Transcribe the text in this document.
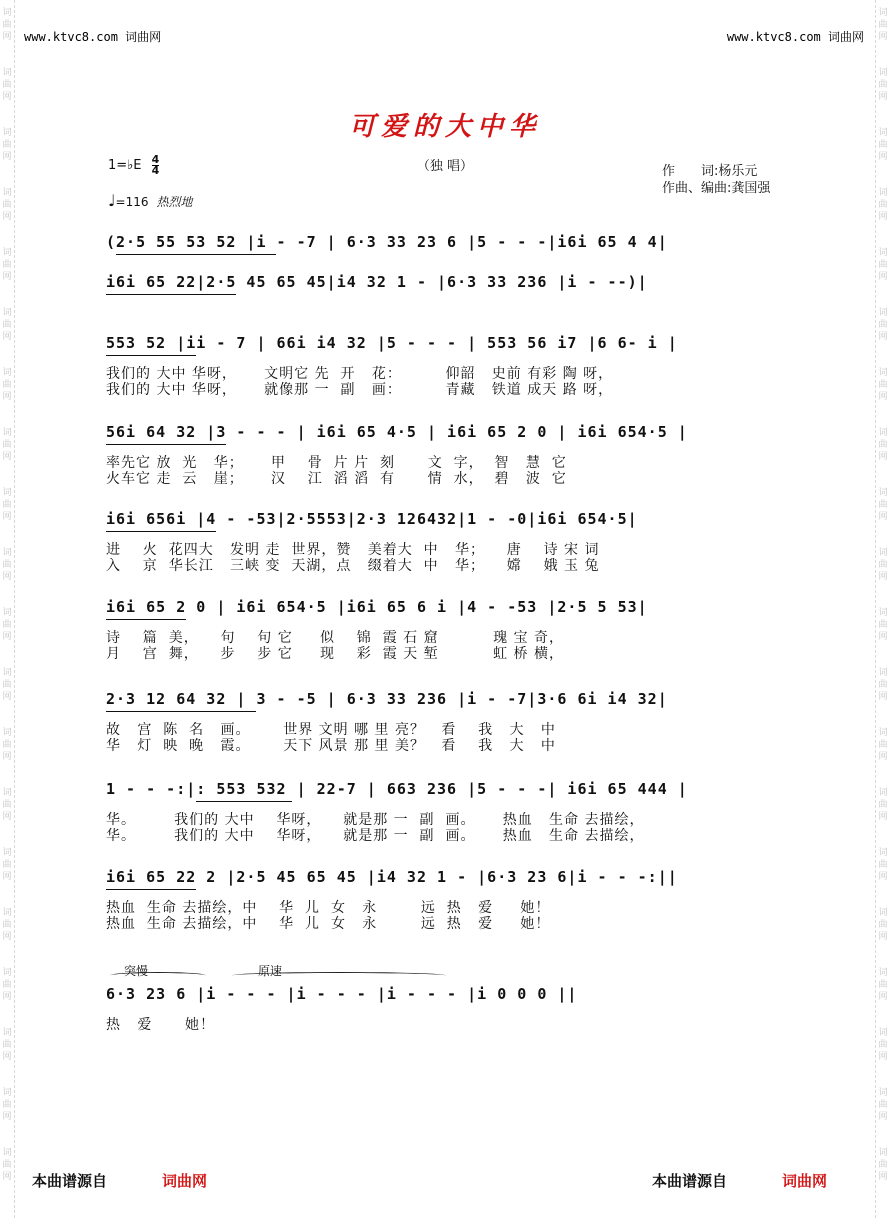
词
曲
网
词
曲
网
词
曲
网
词
曲
网
词
曲
网
词
曲
网
词
曲
网
词
曲
网
词
曲
网
词
曲
网
词
曲
网
词
曲
网
词
曲
网
词
曲
网
词
曲
网
词
曲
网
词
曲
网
词
曲
网
词
曲
网
词
曲
网
词
曲
网
词
曲
网
词
曲
网
词
曲
网
词
曲
网
词
曲
网
词
曲
网
词
曲
网
词
曲
网
词
曲
网
词
曲
网
词
曲
网
词
曲
网
词
曲
网
词
曲
网
词
曲
网
词
曲
网
词
曲
网
词
曲
网
词
曲
网
www.ktvc8.com 词曲网	www.ktvc8.com 词曲网
可爱的大中华
1=♭E $\frac{4}{4}$	（独 唱）	作　　词:杨乐元
作曲、编曲:龚国强
♩=116 热烈地
(2·5 55 53 52 |i - -7 | 6·3 33 23 6 |5 - - -|i6i 65 4 4|
i6i 65 22|2·5 45 65 45|i4 32 1 - |6·3 33 236 |i - --)|
553 52 |ii - 7 | 66i i4 32 |5 - - - | 553 56 i7 |6 6- i |
我们的 大中 华呀，     文明它 先  开   花：        仰韶   史前 有彩 陶 呀，
我们的 大中 华呀，     就像那 一  副   画：        青藏   铁道 成天 路 呀，
56i 64 32 |3 - - - | i6i 65 4·5 | i6i 65 2 0 | i6i 654·5 |
率先它 放  光   华；     甲    骨  片 片  刻      文  字，  智   慧  它
火车它 走  云   崖；     汉    江  滔 滔  有      情  水，  碧   波  它
i6i 656i |4 - -53|2·5553|2·3 126432|1 - -0|i6i 654·5|
进    火  花四大   发明 走  世界，赞   美着大  中   华；    唐    诗 宋 词
入    京  华长江   三峡 变  天湖，点   缀着大  中   华；    嫦    娥 玉 兔
i6i 65 2 0 | i6i 654·5 |i6i 65 6 i |4 - -53 |2·5 5 53|
诗    篇  美，    句    句 它     似    锦  霞 石 窟          瑰 宝 奇，
月    宫  舞，    步    步 它     现    彩  霞 天 堑          虹 桥 横，
2·3 12 64 32 | 3 - -5 | 6·3 33 236 |i - -7|3·6 6i i4 32|
故   宫  陈  名   画。      世界 文明 哪 里 亮？   看    我   大   中
华   灯  映  晚   霞。      天下 风景 那 里 美？   看    我   大   中
1 - - -:|: 553 532 | 22-7 | 663 236 |5 - - -| i6i 65 444 |
华。       我们的 大中    华呀，    就是那 一  副  画。     热血   生命 去描绘，
华。       我们的 大中    华呀，    就是那 一  副  画。     热血   生命 去描绘，
i6i 65 22 2 |2·5 45 65 45 |i4 32 1 - |6·3 23 6|i - - -:||
热血  生命 去描绘，中    华  儿  女   永        远  热   爱     她！
热血  生命 去描绘，中    华  儿  女   永        远  热   爱     她！
突慢	原速
6·3 23 6 |i - - - |i - - - |i - - - |i 0 0 0 ||
热   爱      她！
本曲谱源自	词曲网	本曲谱源自	词曲网
